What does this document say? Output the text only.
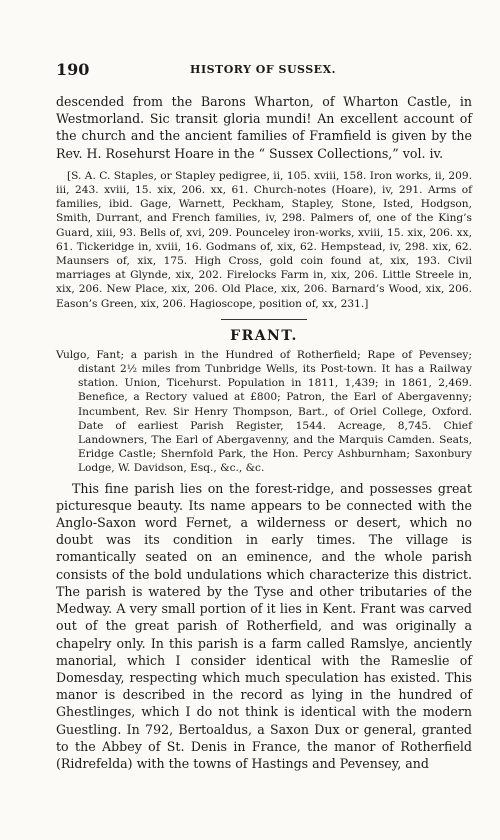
190	HISTORY OF SUSSEX.

descended from the Barons Wharton, of Wharton Castle, in Westmorland. Sic transit gloria mundi! An excellent account of the church and the ancient families of Framfield is given by the Rev. H. Rosehurst Hoare in the “ Sussex Collections,” vol. iv.

[S. A. C. Staples, or Stapley pedigree, ii, 105. xviii, 158. Iron works, ii, 209. iii, 243. xviii, 15. xix, 206. xx, 61. Church-notes (Hoare), iv, 291. Arms of families, ibid. Gage, Warnett, Peckham, Stapley, Stone, Isted, Hodgson, Smith, Durrant, and French families, iv, 298. Palmers of, one of the King’s Guard, xiii, 93. Bells of, xvi, 209. Pounceley iron-works, xviii, 15. xix, 206. xx, 61. Tickeridge in, xviii, 16. Godmans of, xix, 62. Hempstead, iv, 298. xix, 62. Maunsers of, xix, 175. High Cross, gold coin found at, xix, 193. Civil marriages at Glynde, xix, 202. Firelocks Farm in, xix, 206. Little Streele in, xix, 206. New Place, xix, 206. Old Place, xix, 206. Barnard’s Wood, xix, 206. Eason’s Green, xix, 206. Hagioscope, position of, xx, 231.]

FRANT.

Vulgo, Fant; a parish in the Hundred of Rotherfield; Rape of Pevensey; distant 2½ miles from Tunbridge Wells, its Post-town. It has a Railway station. Union, Ticehurst. Population in 1811, 1,439; in 1861, 2,469. Benefice, a Rectory valued at £800; Patron, the Earl of Abergavenny; Incumbent, Rev. Sir Henry Thompson, Bart., of Oriel College, Oxford. Date of earliest Parish Register, 1544. Acreage, 8,745. Chief Landowners, The Earl of Abergavenny, and the Marquis Camden. Seats, Eridge Castle; Shernfold Park, the Hon. Percy Ashburnham; Saxonbury Lodge, W. Davidson, Esq., &c., &c.

This fine parish lies on the forest-ridge, and possesses great picturesque beauty. Its name appears to be connected with the Anglo-Saxon word Fernet, a wilderness or desert, which no doubt was its condition in early times. The village is romantically seated on an eminence, and the whole parish consists of the bold undulations which characterize this district. The parish is watered by the Tyse and other tributaries of the Medway. A very small portion of it lies in Kent. Frant was carved out of the great parish of Rotherfield, and was originally a chapelry only. In this parish is a farm called Ramslye, anciently manorial, which I consider identical with the Rameslie of Domesday, respecting which much speculation has existed. This manor is described in the record as lying in the hundred of Ghestlinges, which I do not think is identical with the modern Guestling. In 792, Bertoaldus, a Saxon Dux or general, granted to the Abbey of St. Denis in France, the manor of Rotherfield (Ridrefelda) with the towns of Hastings and Pevensey, and
